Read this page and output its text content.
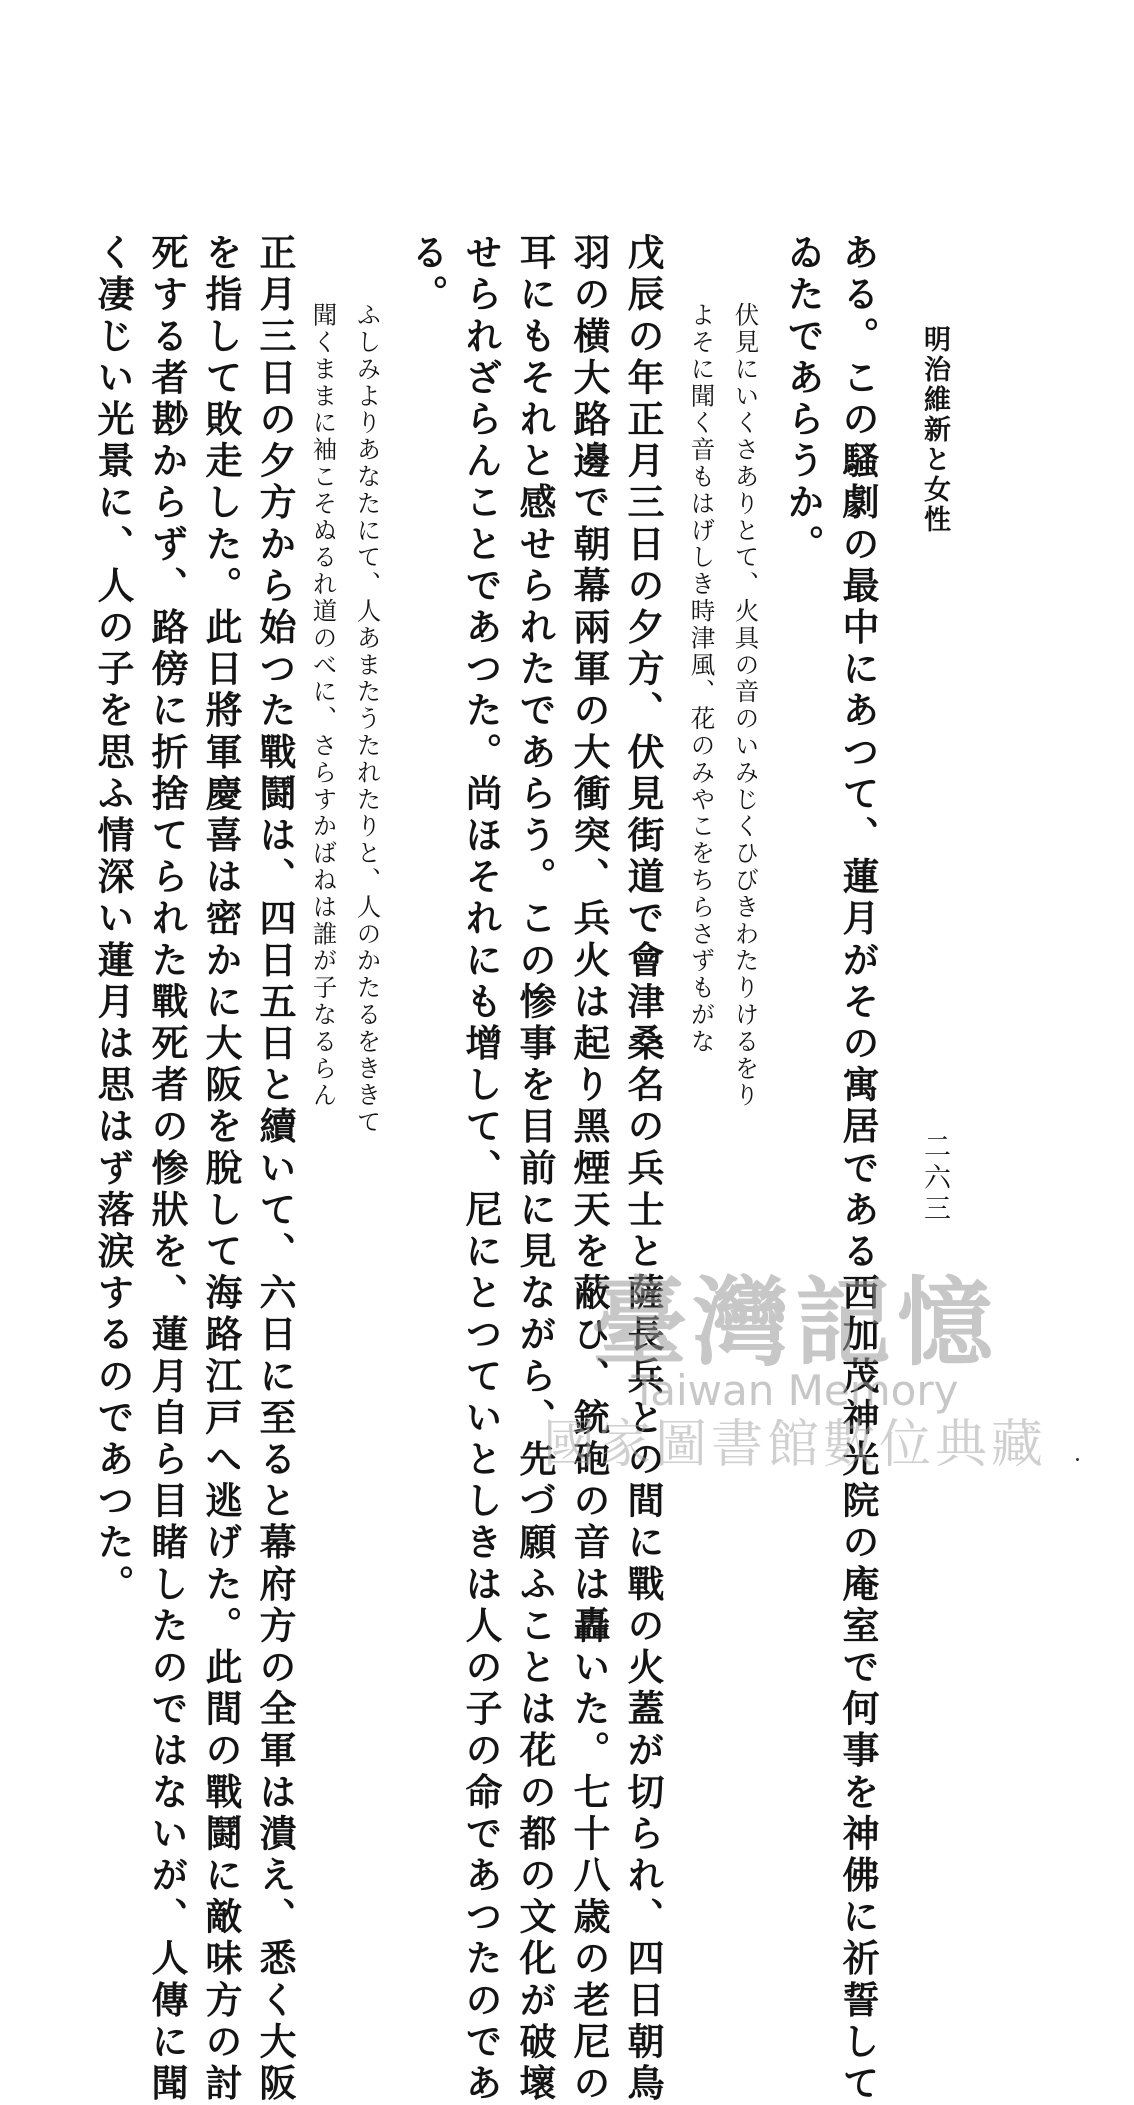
明治維新と女性
二六三
ある。この騷劇の最中にあつて、蓮月がその寓居である西加茂神光院の庵室で何事を神佛に祈誓して
ゐたであらうか。
伏見にいくさありとて、火具の音のいみじくひびきわたりけるをり
よそに聞く音もはげしき時津風、花のみやこをちらさずもがな
戊辰の年正月三日の夕方、伏見街道で會津桑名の兵士と薩長兵との間に戰の火蓋が切られ、四日朝鳥
羽の横大路邊で朝幕兩軍の大衝突、兵火は起り黑煙天を蔽ひ、銃砲の音は轟いた。七十八歳の老尼の
耳にもそれと感せられたであらう。この惨事を目前に見ながら、先づ願ふことは花の都の文化が破壞
せられざらんことであつた。尚ほそれにも增して、尼にとつていとしきは人の子の命であつたのであ
る。
ふしみよりあなたにて、人あまたうたれたりと、人のかたるをききて
聞くままに袖こそぬるれ道のべに、さらすかばねは誰が子なるらん
正月三日の夕方から始つた戰鬪は、四日五日と續いて、六日に至ると幕府方の全軍は潰え、悉く大阪
を指して敗走した。此日將軍慶喜は密かに大阪を脫して海路江戸へ逃げた。此間の戰鬪に敵味方の討
死する者尠からず、路傍に折捨てられた戰死者の惨狀を、蓮月自ら目睹したのではないが、人傳に聞
く凄じい光景に、人の子を思ふ情深い蓮月は思はず落涙するのであつた。	臺灣記憶
Taiwan Memory
國家圖書館數位典藏
